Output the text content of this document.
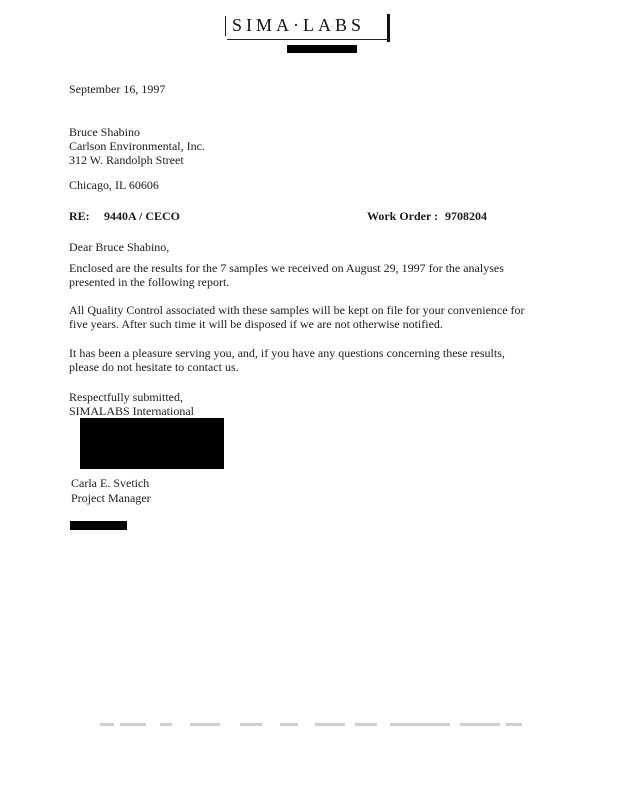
SIMA·LABS
September 16, 1997
Bruce Shabino
Carlson Environmental, Inc.
312 W. Randolph Street
Chicago, IL 60606
RE: 9440A / CECO	Work Order : 9708204
Dear Bruce Shabino,
Enclosed are the results for the 7 samples we received on August 29, 1997 for the analyses
presented in the following report.
All Quality Control associated with these samples will be kept on file for your convenience for
five years. After such time it will be disposed if we are not otherwise notified.
It has been a pleasure serving you, and, if you have any questions concerning these results,
please do not hesitate to contact us.
Respectfully submitted,
SIMALABS International
Carla E. Svetich
Project Manager
